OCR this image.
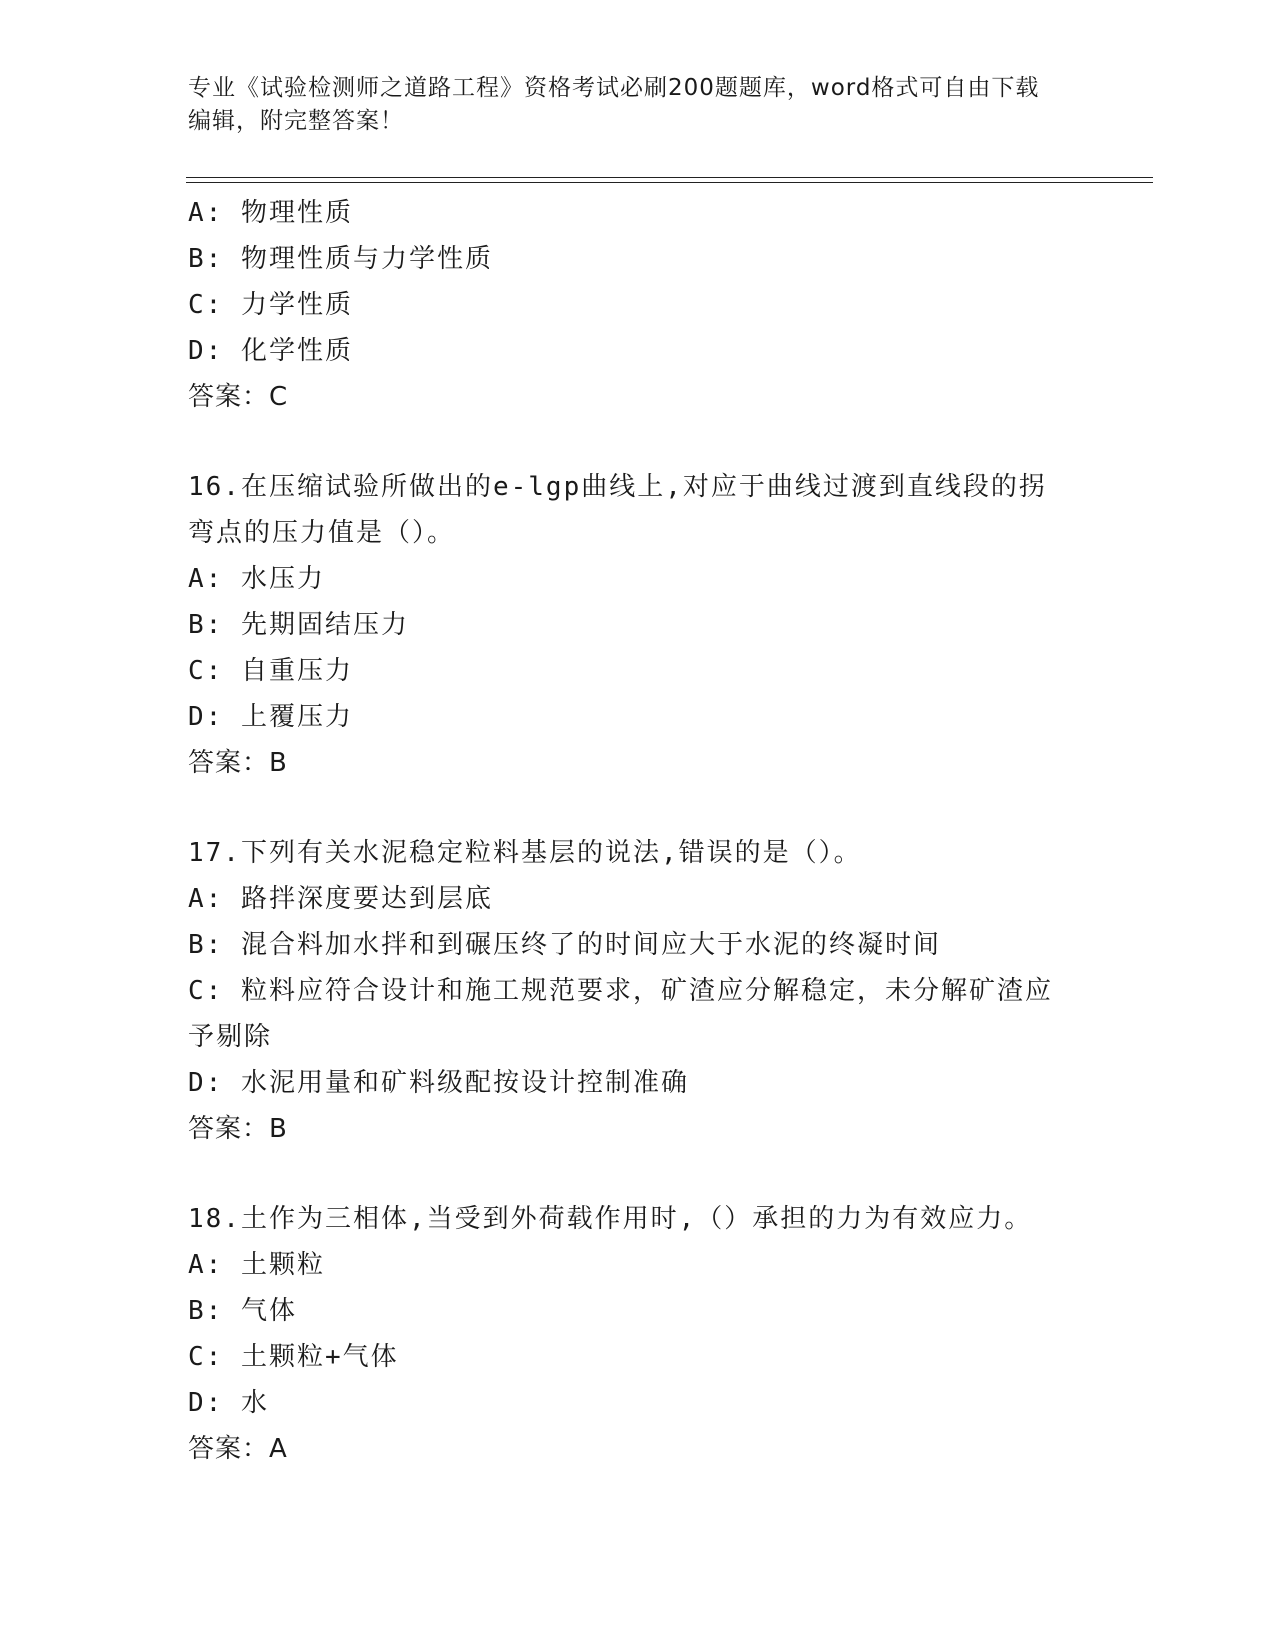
专业《试验检测师之道路工程》资格考试必刷200题题库，word格式可自由下载
编辑，附完整答案！
A: 物理性质
B: 物理性质与力学性质
C: 力学性质
D: 化学性质
答案：C
16.在压缩试验所做出的e-lgp曲线上,对应于曲线过渡到直线段的拐
弯点的压力值是（）。
A: 水压力
B: 先期固结压力
C: 自重压力
D: 上覆压力
答案：B
17.下列有关水泥稳定粒料基层的说法,错误的是（）。
A: 路拌深度要达到层底
B: 混合料加水拌和到碾压终了的时间应大于水泥的终凝时间
C: 粒料应符合设计和施工规范要求，矿渣应分解稳定，未分解矿渣应
予剔除
D: 水泥用量和矿料级配按设计控制准确
答案：B
18.土作为三相体,当受到外荷载作用时,（）承担的力为有效应力。
A: 土颗粒
B: 气体
C: 土颗粒+气体
D: 水
答案：A
